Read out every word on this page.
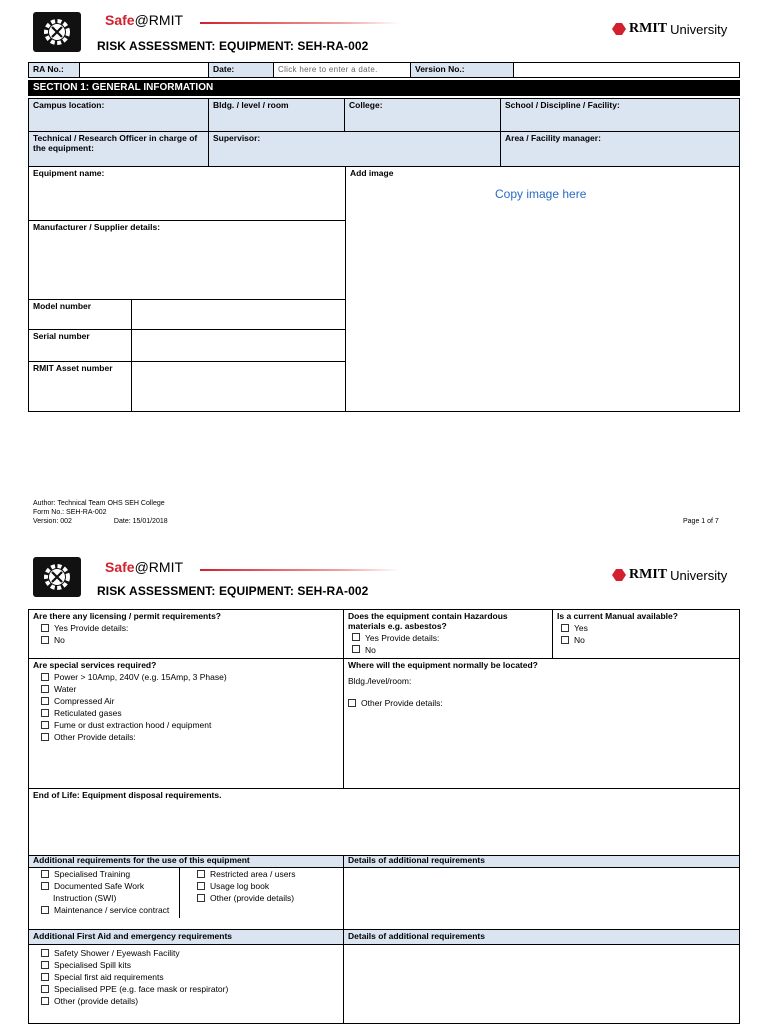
Safe@RMIT
RISK ASSESSMENT: EQUIPMENT: SEH-RA-002
RMIT University
RA No.:	Date:	Click here to enter a date.	Version No.:
SECTION 1: GENERAL INFORMATION
Campus location:	Bldg. / level / room	College:	School / Discipline / Facility:
Technical / Research Officer in charge of the equipment:
Supervisor:	Area / Facility manager:
Equipment name:	Add image
Copy image here
Manufacturer / Supplier details:
Model number
Serial number
RMIT Asset number
Author: Technical Team OHS SEH College
Form No.: SEH-RA-002
Version: 002	Date: 15/01/2018	Page 1 of 7
Safe@RMIT
RISK ASSESSMENT: EQUIPMENT: SEH-RA-002
RMIT University
Are there any licensing / permit requirements?
Yes Provide details:
No
Does the equipment contain Hazardous materials e.g. asbestos?
Yes Provide details:
No
Is a current Manual available?
Yes
No
Are special services required?
Power > 10Amp, 240V (e.g. 15Amp, 3 Phase)
Water
Compressed Air
Reticulated gases
Fume or dust extraction hood / equipment
Other Provide details:
Where will the equipment normally be located?
Bldg./level/room:
Other Provide details:
End of Life: Equipment disposal requirements.
Additional requirements for the use of this equipment	Details of additional requirements
Specialised Training
Documented Safe Work
Instruction (SWI)
Maintenance / service contract
Restricted area / users
Usage log book
Other (provide details)
Additional First Aid and emergency requirements	Details of additional requirements
Safety Shower / Eyewash Facility
Specialised Spill kits
Special first aid requirements
Specialised PPE (e.g. face mask or respirator)
Other (provide details)
